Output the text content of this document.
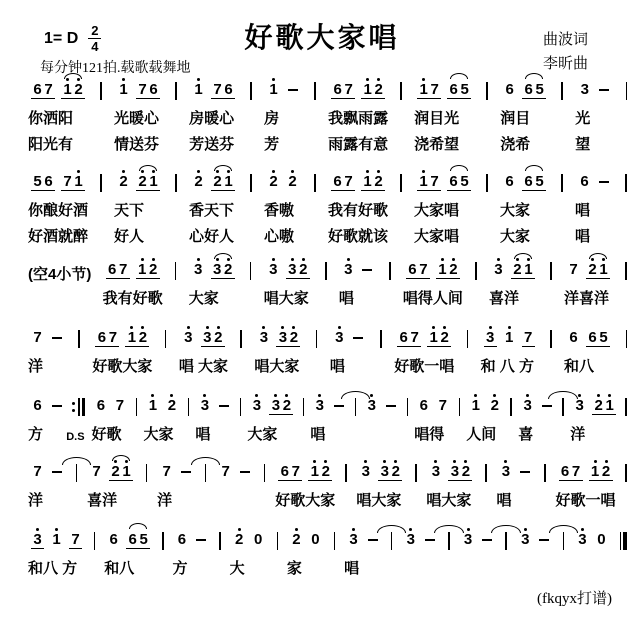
1= D $\frac{2}{4}$	好歌大家唱	曲波词
李昕曲
每分钟121拍.载歌载舞地
6 7 1 2
你洒阳
阳光有
1 7 6
光暖心
情送芬
1 7 6
房暖心
芳送芬
1
房
芳
6 7 1 2
我飘雨露
雨露有意
1 7 6 5
润目光
浇希望
6 6 5
润目
浇希
3
光
望
5 6 7 1
你酿好酒
好酒就醉
2 2 1
天下
好人
2 2 1
香天下
心好人
2 2
香嗷
心嗷
6 7 1 2
我有好歌
好歌就该
1 7 6 5
大家唱
大家唱
6 6 5
大家
大家
6
唱
唱
(空4小节) 6 7 1 2
我有好歌
3 3 2
大家
3 3 2
唱大家
3
唱
6 7 1 2
唱得人间
3 2 1
喜洋
7 2 1
洋喜洋
7
洋
6 7 1 2
好歌大家
3 3 2
唱 大家
3 3 2
唱大家
3
唱
6 7 1 2
好歌一唱
3 1 7
和 八 方
6 6 5
和八
6
方	D.S
6 7
好歌
1 2
大家
3
唱
3 3 2
大家
3
唱
3
	6 7
唱得
1 2
人间
3
喜
3 2 1
洋
7
洋
7 2 1
喜洋
7
洋
7
	6 7 1 2
好歌大家
3 3 2
唱大家
3 3 2
唱大家
3
唱
6 7 1 2
好歌一唱
3 1 7
和八 方
6 6 5
和八
6
方
2 0
大
2 0
家
3
唱
3
	3
	3
	3 0

(fkqyx打谱)
